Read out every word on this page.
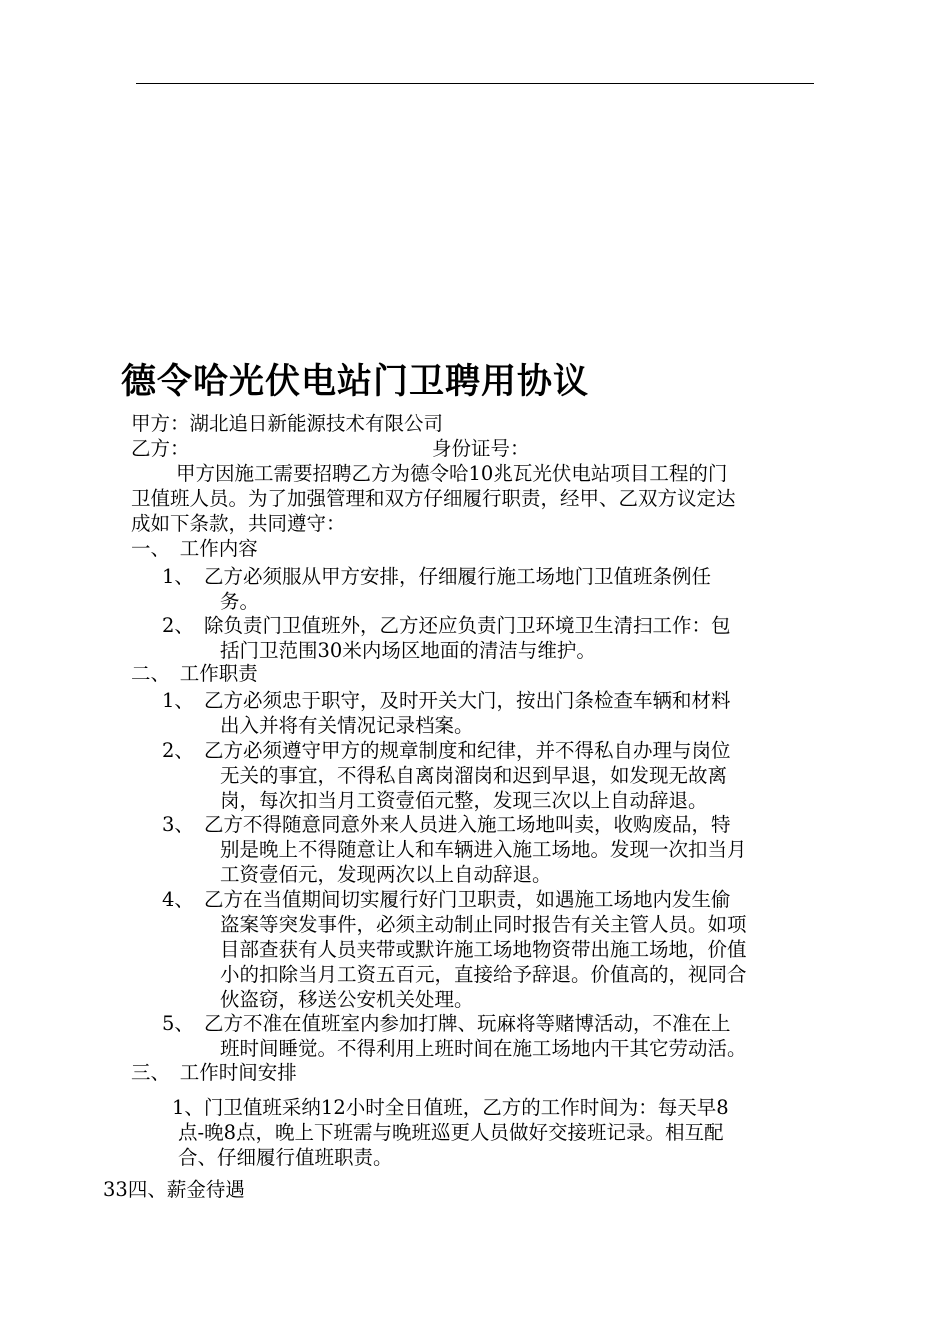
德令哈光伏电站门卫聘用协议
甲方：湖北追日新能源技术有限公司
乙方：	身份证号：
甲方因施工需要招聘乙方为德令哈10兆瓦光伏电站项目工程的门
卫值班人员。为了加强管理和双方仔细履行职责，经甲、乙双方议定达
成如下条款，共同遵守：
一、　工作内容
1、 乙方必须服从甲方安排，仔细履行施工场地门卫值班条例任
务。
2、 除负责门卫值班外，乙方还应负责门卫环境卫生清扫工作：包
括门卫范围30米内场区地面的清洁与维护。
二、　工作职责
1、 乙方必须忠于职守，及时开关大门，按出门条检查车辆和材料
出入并将有关情况记录档案。
2、 乙方必须遵守甲方的规章制度和纪律，并不得私自办理与岗位
无关的事宜，不得私自离岗溜岗和迟到早退，如发现无故离
岗，每次扣当月工资壹佰元整，发现三次以上自动辞退。
3、 乙方不得随意同意外来人员进入施工场地叫卖，收购废品，特
别是晚上不得随意让人和车辆进入施工场地。发现一次扣当月
工资壹佰元，发现两次以上自动辞退。
4、 乙方在当值期间切实履行好门卫职责，如遇施工场地内发生偷
盗案等突发事件，必须主动制止同时报告有关主管人员。如项
目部查获有人员夹带或默许施工场地物资带出施工场地，价值
小的扣除当月工资五百元，直接给予辞退。价值高的，视同合
伙盗窃，移送公安机关处理。
5、 乙方不准在值班室内参加打牌、玩麻将等赌博活动，不准在上
班时间睡觉。不得利用上班时间在施工场地内干其它劳动活。
三、　工作时间安排
1、门卫值班采纳12小时全日值班，乙方的工作时间为：每天早8
点-晚8点，晚上下班需与晚班巡更人员做好交接班记录。相互配
合、仔细履行值班职责。
33四、薪金待遇
